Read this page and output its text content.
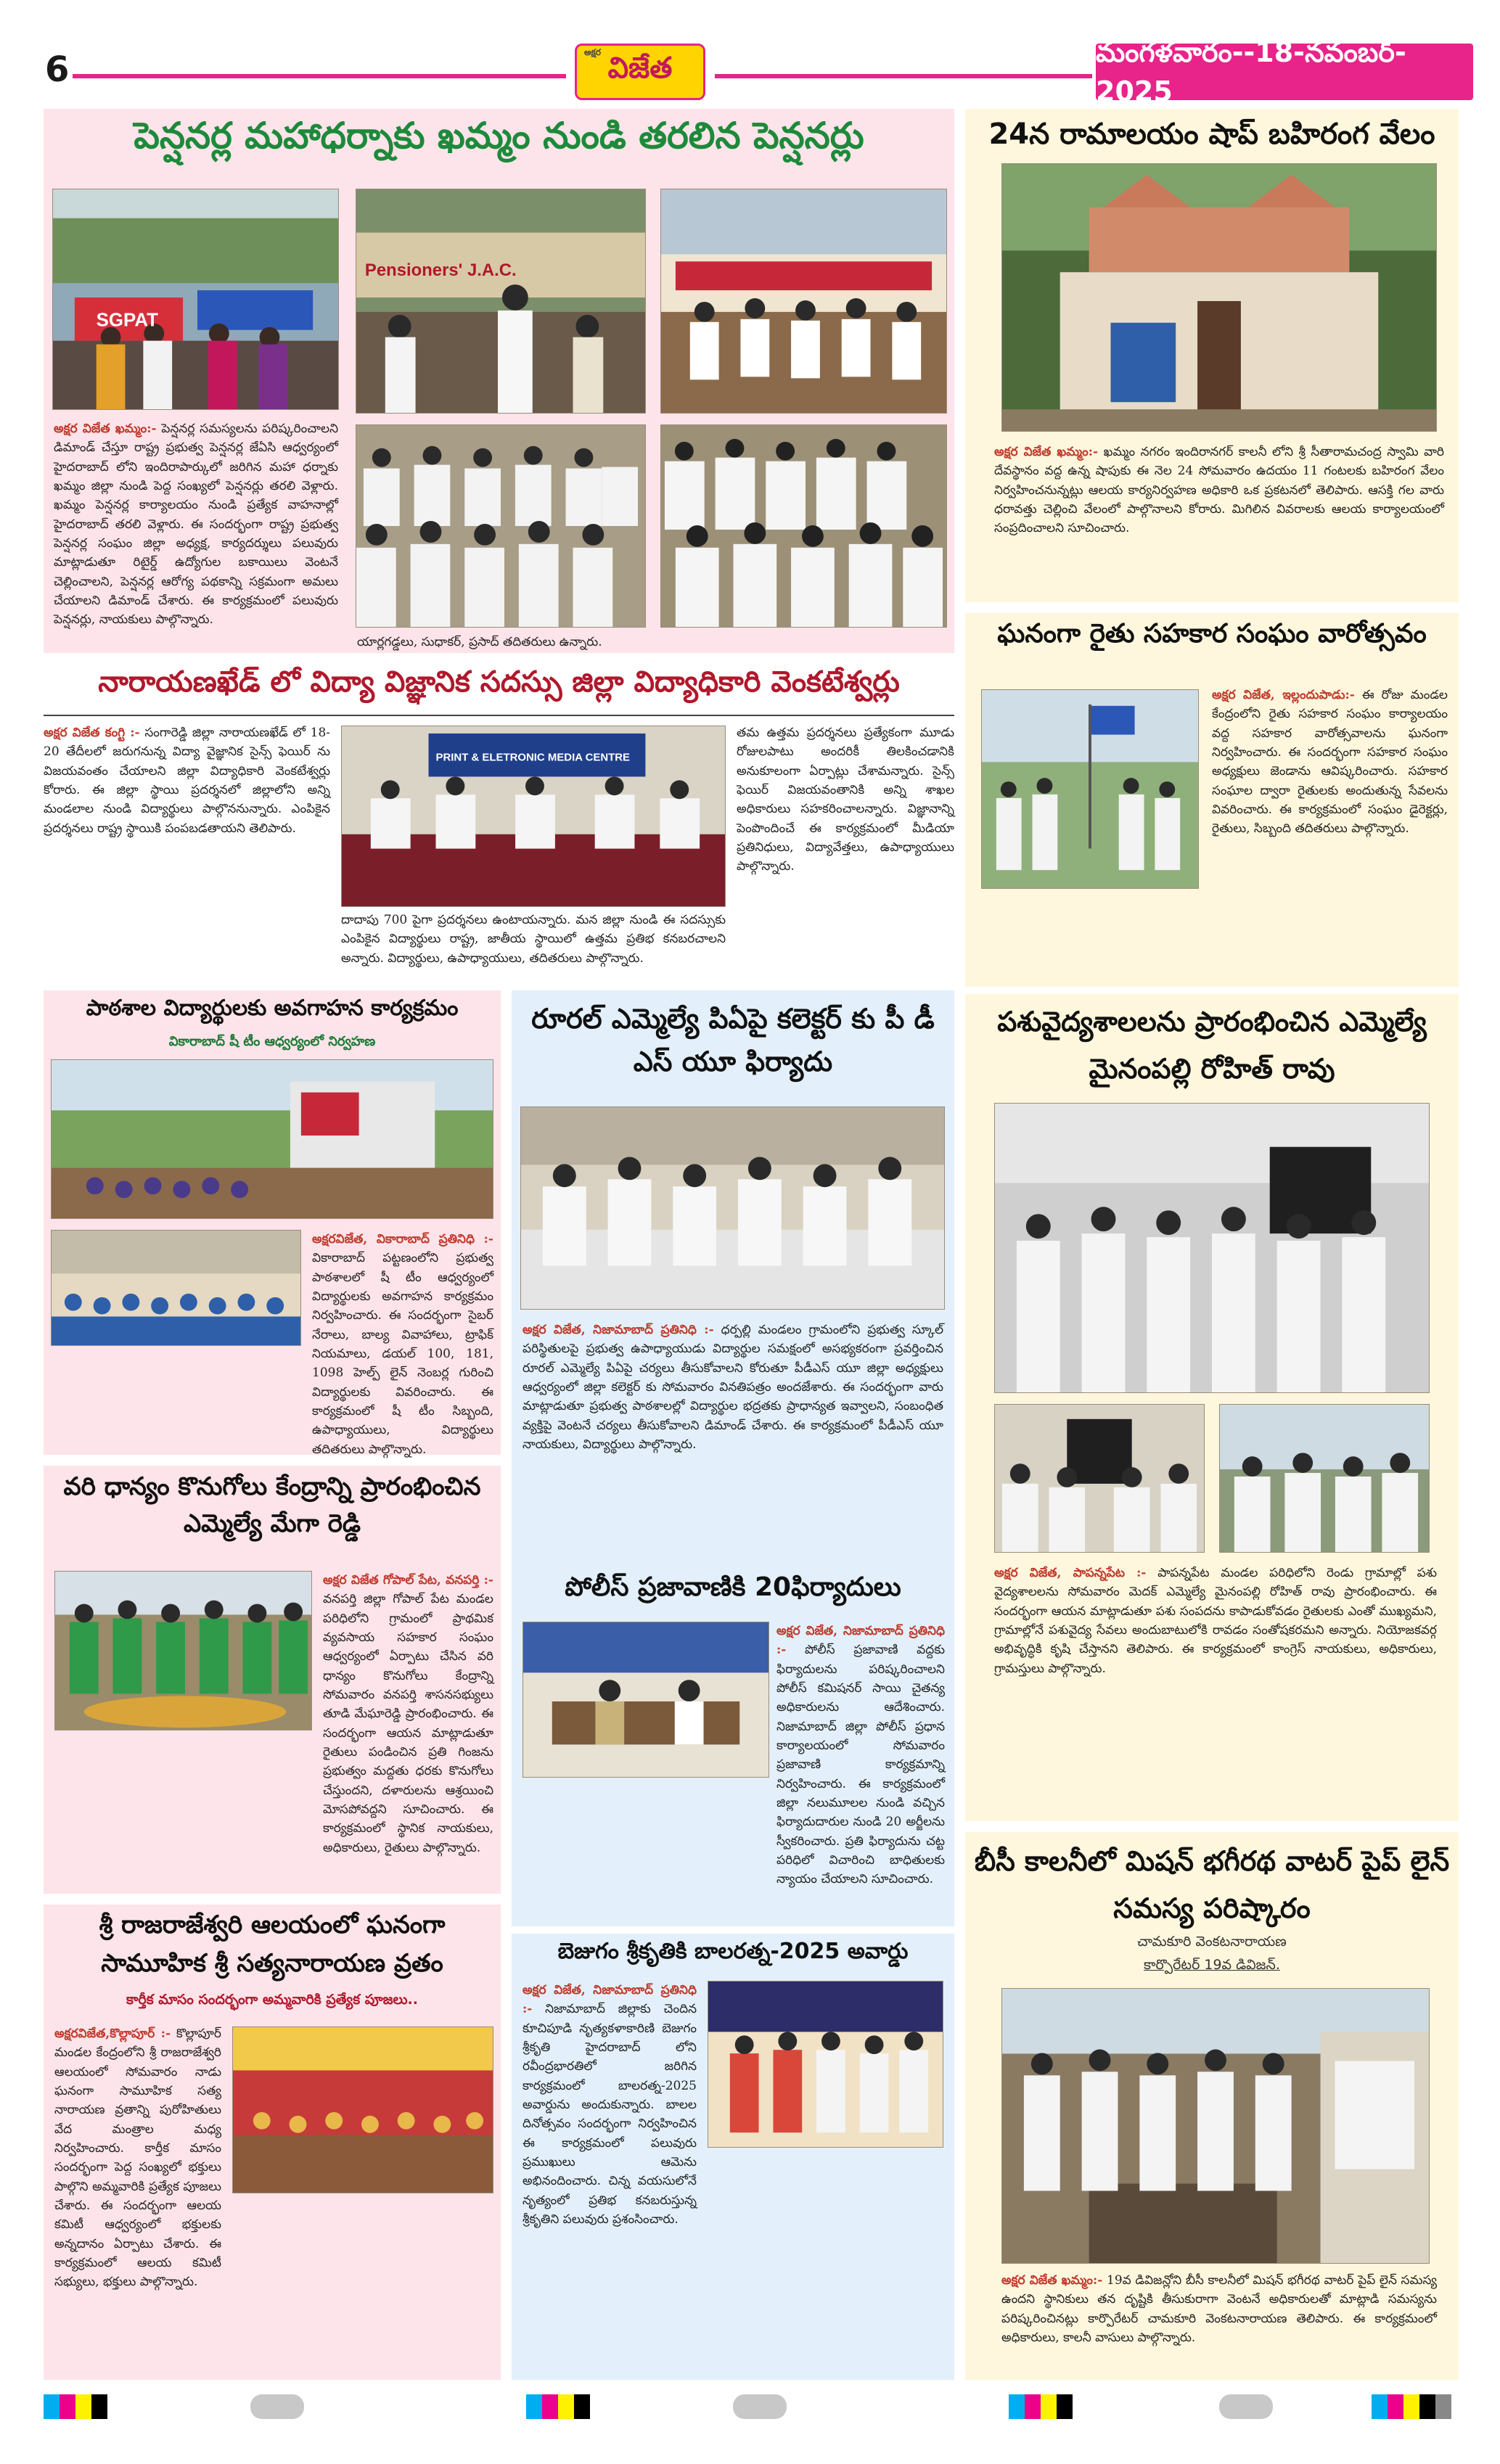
6	అక్షర విజేత	మంగళవారం--18-నవంబర్- 2025
పెన్షనర్ల మహాధర్నాకు ఖమ్మం నుండి తరలిన పెన్షనర్లు
SGPAT
Pensioners' J.A.C.
అక్షర విజేత ఖమ్మం:- పెన్షనర్ల సమస్యలను పరిష్కరించాలని డిమాండ్ చేస్తూ రాష్ట్ర ప్రభుత్వ పెన్షనర్ల జేఏసి ఆధ్వర్యంలో హైదరాబాద్ లోని ఇందిరాపార్కులో జరిగిన మహా ధర్నాకు ఖమ్మం జిల్లా నుండి పెద్ద సంఖ్యలో పెన్షనర్లు తరలి వెళ్లారు. ఖమ్మం పెన్షనర్ల కార్యాలయం నుండి ప్రత్యేక వాహనాల్లో హైదరాబాద్ తరలి వెళ్లారు. ఈ సందర్భంగా రాష్ట్ర ప్రభుత్వ పెన్షనర్ల సంఘం జిల్లా అధ్యక్ష, కార్యదర్శులు పలువురు మాట్లాడుతూ రిటైర్డ్ ఉద్యోగుల బకాయిలు వెంటనే చెల్లించాలని, పెన్షనర్ల ఆరోగ్య పథకాన్ని సక్రమంగా అమలు చేయాలని డిమాండ్ చేశారు. ఈ కార్యక్రమంలో పలువురు పెన్షనర్లు, నాయకులు పాల్గొన్నారు.
యార్లగడ్డలు, సుధాకర్, ప్రసాద్ తదితరులు ఉన్నారు.
24న రామాలయం షాప్ బహిరంగ వేలం
అక్షర విజేత ఖమ్మం:- ఖమ్మం నగరం ఇందిరానగర్ కాలనీ లోని శ్రీ సీతారామచంద్ర స్వామి వారి దేవస్థానం వద్ద ఉన్న షాపుకు ఈ నెల 24 సోమవారం ఉదయం 11 గంటలకు బహిరంగ వేలం నిర్వహించనున్నట్లు ఆలయ కార్యనిర్వహణ అధికారి ఒక ప్రకటనలో తెలిపారు. ఆసక్తి గల వారు ధరావత్తు చెల్లించి వేలంలో పాల్గొనాలని కోరారు. మిగిలిన వివరాలకు ఆలయ కార్యాలయంలో సంప్రదించాలని సూచించారు.
ఘనంగా రైతు సహకార సంఘం వారోత్సవం
అక్షర విజేత, ఇల్లందుపాడు:- ఈ రోజు మండల కేంద్రంలోని రైతు సహకార సంఘం కార్యాలయం వద్ద సహకార వారోత్సవాలను ఘనంగా నిర్వహించారు. ఈ సందర్భంగా సహకార సంఘం అధ్యక్షులు జెండాను ఆవిష్కరించారు. సహకార సంఘాల ద్వారా రైతులకు అందుతున్న సేవలను వివరించారు. ఈ కార్యక్రమంలో సంఘం డైరెక్టర్లు, రైతులు, సిబ్బంది తదితరులు పాల్గొన్నారు.
నారాయణఖేడ్ లో విద్యా విజ్ఞానిక సదస్సు జిల్లా విద్యాధికారి వెంకటేశ్వర్లు
అక్షర విజేత కంగ్టి :- సంగారెడ్డి జిల్లా నారాయణఖేడ్ లో 18-20 తేదీలలో జరుగనున్న విద్యా వైజ్ఞానిక సైన్స్ ఫెయిర్ ను విజయవంతం చేయాలని జిల్లా విద్యాధికారి వెంకటేశ్వర్లు కోరారు. ఈ జిల్లా స్థాయి ప్రదర్శనలో జిల్లాలోని అన్ని మండలాల నుండి విద్యార్థులు పాల్గొననున్నారు. ఎంపికైన ప్రదర్శనలు రాష్ట్ర స్థాయికి పంపబడతాయని తెలిపారు.
PRINT & ELETRONIC MEDIA CENTRE
దాదాపు 700 పైగా ప్రదర్శనలు ఉంటాయన్నారు. మన జిల్లా నుండి ఈ సదస్సుకు ఎంపికైన విద్యార్థులు రాష్ట్ర, జాతీయ స్థాయిలో ఉత్తమ ప్రతిభ కనబరచాలని అన్నారు. విద్యార్థులు, ఉపాధ్యాయులు, తదితరులు పాల్గొన్నారు.
తమ ఉత్తమ ప్రదర్శనలు ప్రత్యేకంగా మూడు రోజులపాటు అందరికీ తిలకించడానికి అనుకూలంగా ఏర్పాట్లు చేశామన్నారు. సైన్స్ ఫెయిర్ విజయవంతానికి అన్ని శాఖల అధికారులు సహకరించాలన్నారు. విజ్ఞానాన్ని పెంపొందించే ఈ కార్యక్రమంలో మీడియా ప్రతినిధులు, విద్యావేత్తలు, ఉపాధ్యాయులు పాల్గొన్నారు.
పాఠశాల విద్యార్థులకు అవగాహన కార్యక్రమం
వికారాబాద్ షీ టీం ఆధ్వర్యంలో నిర్వహణ
అక్షరవిజేత, వికారాబాద్ ప్రతినిధి :- వికారాబాద్ పట్టణంలోని ప్రభుత్వ పాఠశాలలో షీ టీం ఆధ్వర్యంలో విద్యార్థులకు అవగాహన కార్యక్రమం నిర్వహించారు. ఈ సందర్భంగా సైబర్ నేరాలు, బాల్య వివాహాలు, ట్రాఫిక్ నియమాలు, డయల్ 100, 181, 1098 హెల్ప్ లైన్ నెంబర్ల గురించి విద్యార్థులకు వివరించారు. ఈ కార్యక్రమంలో షీ టీం సిబ్బంది, ఉపాధ్యాయులు, విద్యార్థులు తదితరులు పాల్గొన్నారు.
వరి ధాన్యం కొనుగోలు కేంద్రాన్ని ప్రారంభించిన ఎమ్మెల్యే మేగా రెడ్డి
అక్షర విజేత గోపాల్ పేట, వనపర్తి :- వనపర్తి జిల్లా గోపాల్ పేట మండల పరిధిలోని గ్రామంలో ప్రాథమిక వ్యవసాయ సహకార సంఘం ఆధ్వర్యంలో ఏర్పాటు చేసిన వరి ధాన్యం కొనుగోలు కేంద్రాన్ని సోమవారం వనపర్తి శాసనసభ్యులు తూడి మేఘారెడ్డి ప్రారంభించారు. ఈ సందర్భంగా ఆయన మాట్లాడుతూ రైతులు పండించిన ప్రతి గింజను ప్రభుత్వం మద్దతు ధరకు కొనుగోలు చేస్తుందని, దళారులను ఆశ్రయించి మోసపోవద్దని సూచించారు. ఈ కార్యక్రమంలో స్థానిక నాయకులు, అధికారులు, రైతులు పాల్గొన్నారు.
శ్రీ రాజరాజేశ్వరి ఆలయంలో ఘనంగా సామూహిక శ్రీ సత్యనారాయణ వ్రతం
కార్తీక మాసం సందర్భంగా అమ్మవారికి ప్రత్యేక పూజలు..
అక్షరవిజేత,కొల్లాపూర్ :- కొల్లాపూర్ మండల కేంద్రంలోని శ్రీ రాజరాజేశ్వరి ఆలయంలో సోమవారం నాడు ఘనంగా సామూహిక సత్య నారాయణ వ్రతాన్ని పురోహితులు వేద మంత్రాల మధ్య నిర్వహించారు. కార్తీక మాసం సందర్భంగా పెద్ద సంఖ్యలో భక్తులు పాల్గొని అమ్మవారికి ప్రత్యేక పూజలు చేశారు. ఈ సందర్భంగా ఆలయ కమిటీ ఆధ్వర్యంలో భక్తులకు అన్నదానం ఏర్పాటు చేశారు. ఈ కార్యక్రమంలో ఆలయ కమిటీ సభ్యులు, భక్తులు పాల్గొన్నారు.
రూరల్ ఎమ్మెల్యే పిఏపై కలెక్టర్ కు పీ డీ ఎస్ యూ ఫిర్యాదు
అక్షర విజేత, నిజామాబాద్ ప్రతినిధి :- ధర్పల్లి మండలం గ్రామంలోని ప్రభుత్వ స్కూల్ పరిస్థితులపై ప్రభుత్వ ఉపాధ్యాయుడు విద్యార్థుల సమక్షంలో అసభ్యకరంగా ప్రవర్తించిన రూరల్ ఎమ్మెల్యే పిఏపై చర్యలు తీసుకోవాలని కోరుతూ పీడీఎస్ యూ జిల్లా అధ్యక్షులు ఆధ్వర్యంలో జిల్లా కలెక్టర్ కు సోమవారం వినతిపత్రం అందజేశారు. ఈ సందర్భంగా వారు మాట్లాడుతూ ప్రభుత్వ పాఠశాలల్లో విద్యార్థుల భద్రతకు ప్రాధాన్యత ఇవ్వాలని, సంబంధిత వ్యక్తిపై వెంటనే చర్యలు తీసుకోవాలని డిమాండ్ చేశారు. ఈ కార్యక్రమంలో పీడీఎస్ యూ నాయకులు, విద్యార్థులు పాల్గొన్నారు.
పోలీస్ ప్రజావాణికి 20ఫిర్యాదులు
అక్షర విజేత, నిజామాబాద్ ప్రతినిధి :- పోలీస్ ప్రజావాణి వద్దకు ఫిర్యాదులను పరిష్కరించాలని పోలీస్ కమిషనర్ సాయి చైతన్య అధికారులను ఆదేశించారు. నిజామాబాద్ జిల్లా పోలీస్ ప్రధాన కార్యాలయంలో సోమవారం ప్రజావాణి కార్యక్రమాన్ని నిర్వహించారు. ఈ కార్యక్రమంలో జిల్లా నలుమూలల నుండి వచ్చిన ఫిర్యాదుదారుల నుండి 20 అర్జీలను స్వీకరించారు. ప్రతి ఫిర్యాదును చట్ట పరిధిలో విచారించి బాధితులకు న్యాయం చేయాలని సూచించారు.
బెజుగం శ్రీకృతికి బాలరత్న-2025 అవార్డు
అక్షర విజేత, నిజామాబాద్ ప్రతినిధి :- నిజామాబాద్ జిల్లాకు చెందిన కూచిపూడి నృత్యకళాకారిణి బెజుగం శ్రీకృతి హైదరాబాద్ లోని రవీంద్రభారతిలో జరిగిన కార్యక్రమంలో బాలరత్న-2025 అవార్డును అందుకున్నారు. బాలల దినోత్సవం సందర్భంగా నిర్వహించిన ఈ కార్యక్రమంలో పలువురు ప్రముఖులు ఆమెను అభినందించారు. చిన్న వయసులోనే నృత్యంలో ప్రతిభ కనబరుస్తున్న శ్రీకృతిని పలువురు ప్రశంసించారు.
పశువైద్యశాలలను ప్రారంభించిన ఎమ్మెల్యే మైనంపల్లి రోహిత్ రావు
అక్షర విజేత, పాపన్నపేట :- పాపన్నపేట మండల పరిధిలోని రెండు గ్రామాల్లో పశు వైద్యశాలలను సోమవారం మెదక్ ఎమ్మెల్యే మైనంపల్లి రోహిత్ రావు ప్రారంభించారు. ఈ సందర్భంగా ఆయన మాట్లాడుతూ పశు సంపదను కాపాడుకోవడం రైతులకు ఎంతో ముఖ్యమని, గ్రామాల్లోనే పశువైద్య సేవలు అందుబాటులోకి రావడం సంతోషకరమని అన్నారు. నియోజకవర్గ అభివృద్ధికి కృషి చేస్తానని తెలిపారు. ఈ కార్యక్రమంలో కాంగ్రెస్ నాయకులు, అధికారులు, గ్రామస్తులు పాల్గొన్నారు.
బీసీ కాలనీలో మిషన్ భగీరథ వాటర్ పైప్ లైన్ సమస్య పరిష్కారం
చామకూరి వెంకటనారాయణ
కార్పొరేటర్ 19వ డివిజన్.
అక్షర విజేత ఖమ్మం:- 19వ డివిజన్లోని బీసీ కాలనీలో మిషన్ భగీరథ వాటర్ పైప్ లైన్ సమస్య ఉందని స్థానికులు తన దృష్టికి తీసుకురాగా వెంటనే అధికారులతో మాట్లాడి సమస్యను పరిష్కరించినట్లు కార్పొరేటర్ చామకూరి వెంకటనారాయణ తెలిపారు. ఈ కార్యక్రమంలో అధికారులు, కాలనీ వాసులు పాల్గొన్నారు.
